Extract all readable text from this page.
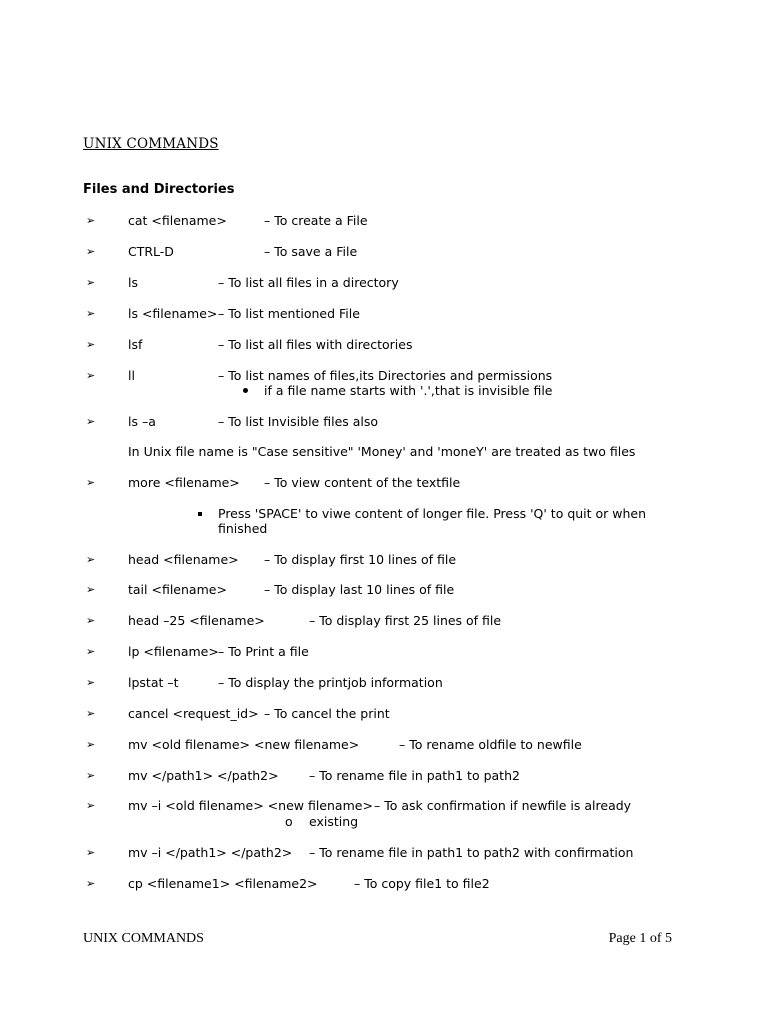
UNIX COMMANDS
Files and Directories
➢	cat <filename>	– To create a File
➢	CTRL-D	– To save a File
➢	ls	– To list all files in a directory
➢	ls <filename> – To list mentioned File
➢	lsf	– To list all files with directories
➢	ll	– To list names of files,its Directories and permissions
if a file name starts with '.',that is invisible file
➢	ls –a	– To list Invisible files also
In Unix file name is "Case sensitive" 'Money' and 'moneY' are treated as two files
➢	more <filename> – To view content of the textfile
Press 'SPACE' to viwe content of longer file. Press 'Q' to quit or when
finished
➢	head <filename> – To display first 10 lines of file
➢	tail <filename>	– To display last 10 lines of file
➢	head –25 <filename>	– To display first 25 lines of file
➢	lp <filename> – To Print a file
➢	lpstat –t	– To display the printjob information
➢	cancel <request_id> – To cancel the print
➢	mv <old filename> <new filename>	– To rename oldfile to newfile
➢	mv </path1> </path2> – To rename file in path1 to path2
➢	mv –i <old filename> <new filename> – To ask confirmation if newfile is already
o existing
➢	mv –i </path1> </path2> – To rename file in path1 to path2 with confirmation
➢	cp <filename1> <filename2>	– To copy file1 to file2
UNIX COMMANDS	Page 1 of 5
